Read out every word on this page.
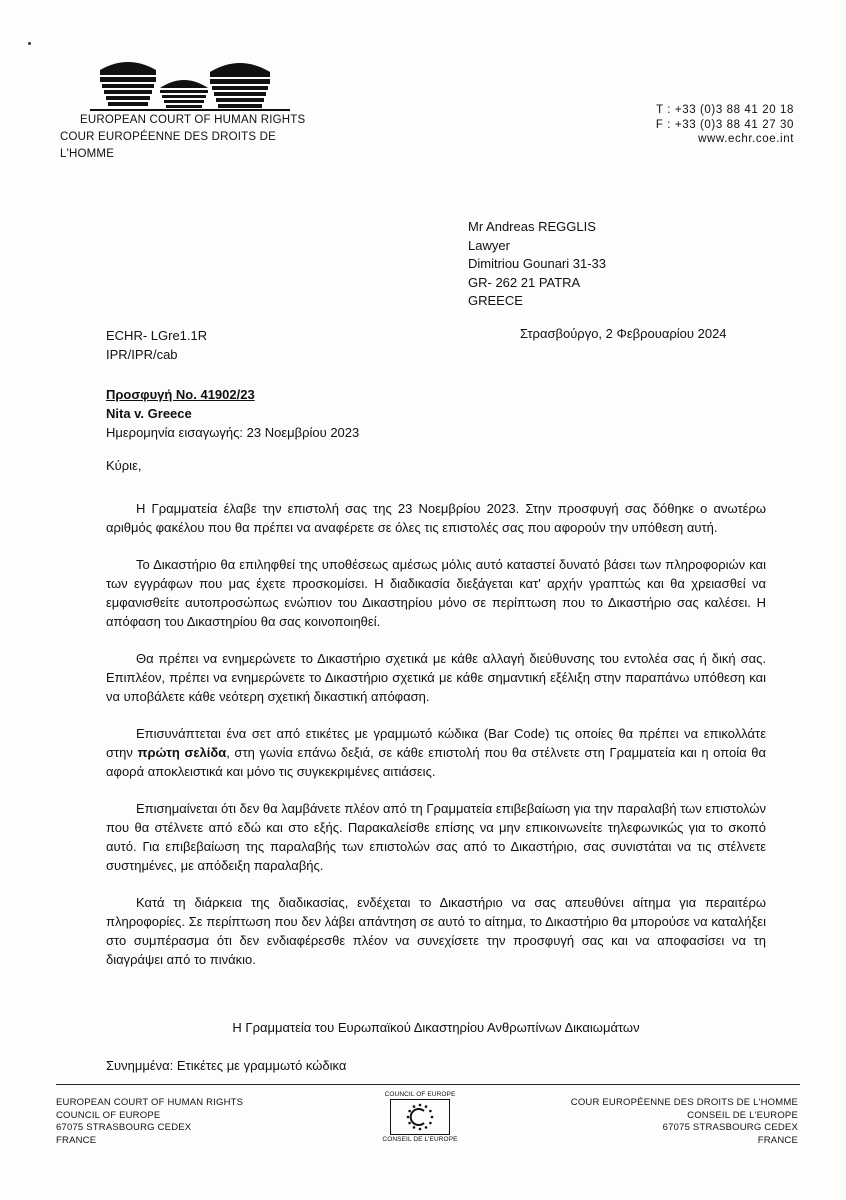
EUROPEAN COURT OF HUMAN RIGHTS
COUR EUROPÉENNE DES DROITS DE L'HOMME
T : +33 (0)3 88 41 20 18
F : +33 (0)3 88 41 27 30
www.echr.coe.int
Mr Andreas REGGLIS
Lawyer
Dimitriou Gounari 31-33
GR- 262 21 PATRA
GREECE
ECHR- LGre1.1R
IPR/IPR/cab
Στρασβούργο, 2 Φεβρουαρίου 2024
Προσφυγή Νο. 41902/23
Nita v. Greece
Ημερομηνία εισαγωγής: 23 Νοεμβρίου 2023
Κύριε,

Η Γραμματεία έλαβε την επιστολή σας της 23 Νοεμβρίου 2023. Στην προσφυγή σας δόθηκε ο ανωτέρω αριθμός φακέλου που θα πρέπει να αναφέρετε σε όλες τις επιστολές σας που αφορούν την υπόθεση αυτή.

Το Δικαστήριο θα επιληφθεί της υποθέσεως αμέσως μόλις αυτό καταστεί δυνατό βάσει των πληροφοριών και των εγγράφων που μας έχετε προσκομίσει. Η διαδικασία διεξάγεται κατ' αρχήν γραπτώς και θα χρειασθεί να εμφανισθείτε αυτοπροσώπως ενώπιον του Δικαστηρίου μόνο σε περίπτωση που το Δικαστήριο σας καλέσει. Η απόφαση του Δικαστηρίου θα σας κοινοποιηθεί.

Θα πρέπει να ενημερώνετε το Δικαστήριο σχετικά με κάθε αλλαγή διεύθυνσης του εντολέα σας ή δική σας. Επιπλέον, πρέπει να ενημερώνετε το Δικαστήριο σχετικά με κάθε σημαντική εξέλιξη στην παραπάνω υπόθεση και να υποβάλετε κάθε νεότερη σχετική δικαστική απόφαση.

Επισυνάπτεται ένα σετ από ετικέτες με γραμμωτό κώδικα (Bar Code) τις οποίες θα πρέπει να επικολλάτε στην πρώτη σελίδα, στη γωνία επάνω δεξιά, σε κάθε επιστολή που θα στέλνετε στη Γραμματεία και η οποία θα αφορά αποκλειστικά και μόνο τις συγκεκριμένες αιτιάσεις.

Επισημαίνεται ότι δεν θα λαμβάνετε πλέον από τη Γραμματεία επιβεβαίωση για την παραλαβή των επιστολών που θα στέλνετε από εδώ και στο εξής. Παρακαλείσθε επίσης να μην επικοινωνείτε τηλεφωνικώς για το σκοπό αυτό. Για επιβεβαίωση της παραλαβής των επιστολών σας από το Δικαστήριο, σας συνιστάται να τις στέλνετε συστημένες, με απόδειξη παραλαβής.

Κατά τη διάρκεια της διαδικασίας, ενδέχεται το Δικαστήριο να σας απευθύνει αίτημα για περαιτέρω πληροφορίες. Σε περίπτωση που δεν λάβει απάντηση σε αυτό το αίτημα, το Δικαστήριο θα μπορούσε να καταλήξει στο συμπέρασμα ότι δεν ενδιαφέρεσθε πλέον να συνεχίσετε την προσφυγή σας και να αποφασίσει να τη διαγράψει από το πινάκιο.

Η Γραμματεία του Ευρωπαϊκού Δικαστηρίου Ανθρωπίνων Δικαιωμάτων
Συνημμένα: Ετικέτες με γραμμωτό κώδικα
EUROPEAN COURT OF HUMAN RIGHTS
COUNCIL OF EUROPE
67075 STRASBOURG CEDEX
FRANCE
COUNCIL OF EUROPE
CONSEIL DE L'EUROPE
COUR EUROPÉENNE DES DROITS DE L'HOMME
CONSEIL DE L'EUROPE
67075 STRASBOURG CEDEX
FRANCE
